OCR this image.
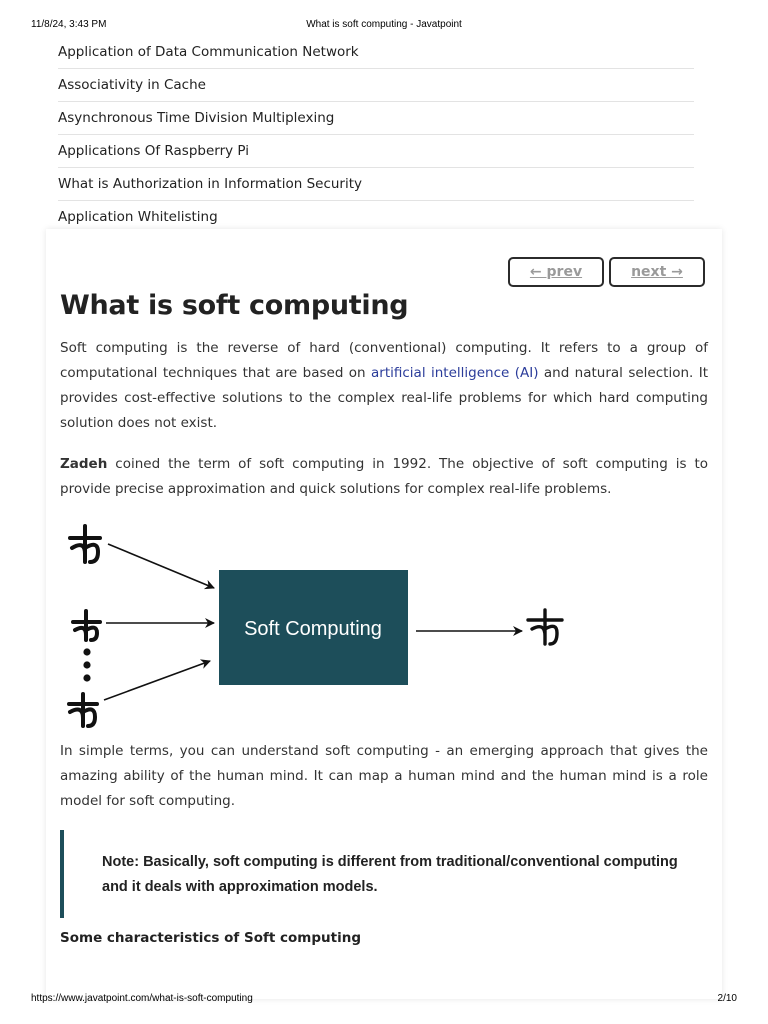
11/8/24, 3:43 PM	What is soft computing - Javatpoint
Application of Data Communication Network
Associativity in Cache
Asynchronous Time Division Multiplexing
Applications Of Raspberry Pi
What is Authorization in Information Security
Application Whitelisting
← prev	next →
What is soft computing

Soft computing is the reverse of hard (conventional) computing. It refers to a group of computational techniques that are based on artificial intelligence (AI) and natural selection. It provides cost-effective solutions to the complex real-life problems for which hard computing solution does not exist.

Zadeh coined the term of soft computing in 1992. The objective of soft computing is to provide precise approximation and quick solutions for complex real-life problems.

Soft Computing

In simple terms, you can understand soft computing - an emerging approach that gives the amazing ability of the human mind. It can map a human mind and the human mind is a role model for soft computing.

Note: Basically, soft computing is different from traditional/conventional computing and it deals with approximation models.

Some characteristics of Soft computing
https://www.javatpoint.com/what-is-soft-computing	2/10
